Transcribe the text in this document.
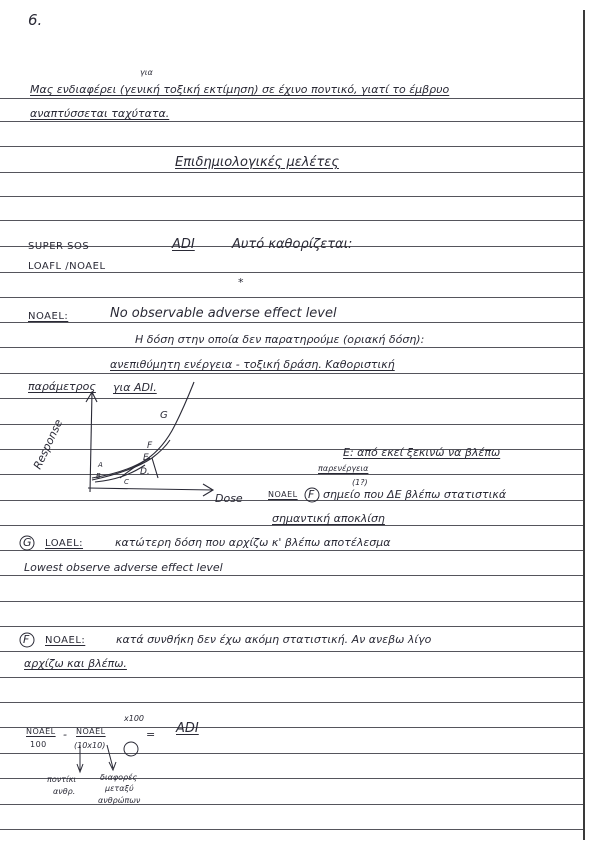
6.
για
Μας ενδιαφέρει (γενική τοξική εκτίμηση) σε έχινο ποντικό, γιατί το έμβρυο
αναπτύσσεται ταχύτατα.
Επιδημιολογικές μελέτες
SUPER SOS
LOAFL /NOAEL
ADI	Αυτό καθορίζεται:
*
NOAEL:	No observable adverse effect level
Η δόση στην οποία δεν παρατηρούμε (οριακή δόση):
ανεπιθύμητη ενέργεια - τοξική δράση. Καθοριστική
παράμετρος για ADI.
Response
G
F
E
D.
A
B
C
Dose
E: από εκεί ξεκινώ να βλέπω
παρενέργεια
(1?)
NOAEL F σημείο που ΔΕ βλέπω στατιστικά
σημαντική αποκλίση
G LOAEL:	κατώτερη δόση που αρχίζω κ' βλέπω αποτέλεσμα
Lowest observe adverse effect level
F NOAEL:	κατά συνθήκη δεν έχω ακόμη στατιστική. Αν ανεβω λίγο
αρχίζω και βλέπω.
NOAEL
100
- NOAEL
x100
(10x10)
= ADI
ποντίκι
ανθρ.
διαφορές
μεταξύ
ανθρώπων
